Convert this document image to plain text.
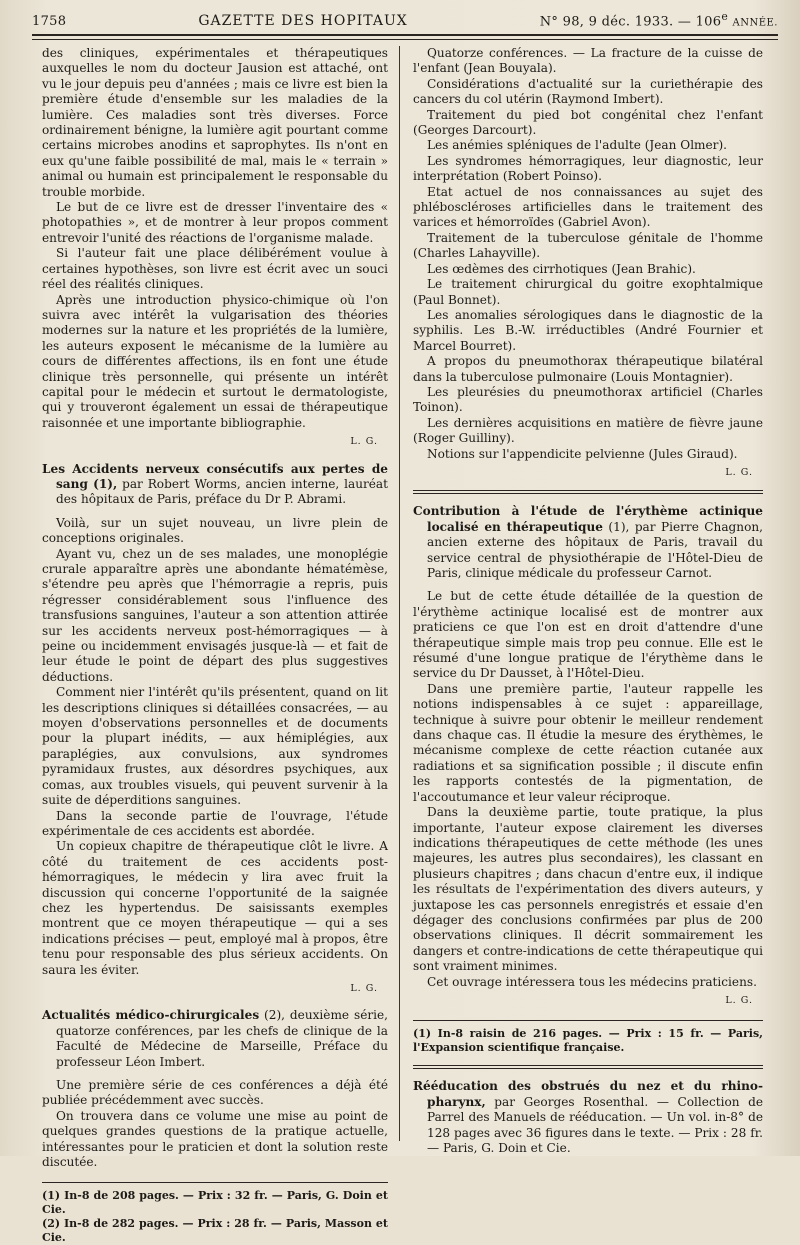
1758	GAZETTE DES HOPITAUX	N° 98, 9 déc. 1933. — 106e ANNÉE.

des cliniques, expérimentales et thérapeutiques auxquelles le nom du docteur Jausion est attaché, ont vu le jour depuis peu d'années ; mais ce livre est bien la première étude d'ensemble sur les maladies de la lumière. Ces maladies sont très diverses. Force ordinairement bénigne, la lumière agit pourtant comme certains microbes anodins et saprophytes. Ils n'ont en eux qu'une faible possibilité de mal, mais le « terrain » animal ou humain est principalement le responsable du trouble morbide.

Le but de ce livre est de dresser l'inventaire des « photopathies », et de montrer à leur propos comment entrevoir l'unité des réactions de l'organisme malade.

Si l'auteur fait une place délibérément voulue à certaines hypothèses, son livre est écrit avec un souci réel des réalités cliniques.

Après une introduction physico-chimique où l'on suivra avec intérêt la vulgarisation des théories modernes sur la nature et les propriétés de la lumière, les auteurs exposent le mécanisme de la lumière au cours de différentes affections, ils en font une étude clinique très personnelle, qui présente un intérêt capital pour le médecin et surtout le dermatologiste, qui y trouveront également un essai de thérapeutique raisonnée et une importante bibliographie.

L. G.

Les Accidents nerveux consécutifs aux pertes de sang (1), par Robert Worms, ancien interne, lauréat des hôpitaux de Paris, préface du Dr P. Abrami.

Voilà, sur un sujet nouveau, un livre plein de conceptions originales.

Ayant vu, chez un de ses malades, une monoplégie crurale apparaître après une abondante hématémèse, s'étendre peu après que l'hémorragie a repris, puis régresser considérablement sous l'influence des transfusions sanguines, l'auteur a son attention attirée sur les accidents nerveux post-hémorragiques — à peine ou incidemment envisagés jusque-là — et fait de leur étude le point de départ des plus suggestives déductions.

Comment nier l'intérêt qu'ils présentent, quand on lit les descriptions cliniques si détaillées consacrées, — au moyen d'observations personnelles et de documents pour la plupart inédits, — aux hémiplégies, aux paraplégies, aux convulsions, aux syndromes pyramidaux frustes, aux désordres psychiques, aux comas, aux troubles visuels, qui peuvent survenir à la suite de déperditions sanguines.

Dans la seconde partie de l'ouvrage, l'étude expérimentale de ces accidents est abordée.

Un copieux chapitre de thérapeutique clôt le livre. A côté du traitement de ces accidents post-hémorragiques, le médecin y lira avec fruit la discussion qui concerne l'opportunité de la saignée chez les hypertendus. De saisissants exemples montrent que ce moyen thérapeutique — qui a ses indications précises — peut, employé mal à propos, être tenu pour responsable des plus sérieux accidents. On saura les éviter.

L. G.

Actualités médico-chirurgicales (2), deuxième série, quatorze conférences, par les chefs de clinique de la Faculté de Médecine de Marseille, Préface du professeur Léon Imbert.

Une première série de ces conférences a déjà été publiée précédemment avec succès.

On trouvera dans ce volume une mise au point de quelques grandes questions de la pratique actuelle, intéressantes pour le praticien et dont la solution reste discutée.

(1) In-8 de 208 pages. — Prix : 32 fr. — Paris, G. Doin et Cie.

(2) In-8 de 282 pages. — Prix : 28 fr. — Paris, Masson et Cie.

Quatorze conférences. — La fracture de la cuisse de l'enfant (Jean Bouyala).

Considérations d'actualité sur la curiethérapie des cancers du col utérin (Raymond Imbert).

Traitement du pied bot congénital chez l'enfant (Georges Darcourt).

Les anémies spléniques de l'adulte (Jean Olmer).

Les syndromes hémorragiques, leur diagnostic, leur interprétation (Robert Poinso).

Etat actuel de nos connaissances au sujet des phléboscléroses artificielles dans le traitement des varices et hémorroïdes (Gabriel Avon).

Traitement de la tuberculose génitale de l'homme (Charles Lahayville).

Les œdèmes des cirrhotiques (Jean Brahic).

Le traitement chirurgical du goitre exophtalmique (Paul Bonnet).

Les anomalies sérologiques dans le diagnostic de la syphilis. Les B.-W. irréductibles (André Fournier et Marcel Bourret).

A propos du pneumothorax thérapeutique bilatéral dans la tuberculose pulmonaire (Louis Montagnier).

Les pleurésies du pneumothorax artificiel (Charles Toinon).

Les dernières acquisitions en matière de fièvre jaune (Roger Guilliny).

Notions sur l'appendicite pelvienne (Jules Giraud).

L. G.

Contribution à l'étude de l'érythème actinique localisé en thérapeutique (1), par Pierre Chagnon, ancien externe des hôpitaux de Paris, travail du service central de physiothérapie de l'Hôtel-Dieu de Paris, clinique médicale du professeur Carnot.

Le but de cette étude détaillée de la question de l'érythème actinique localisé est de montrer aux praticiens ce que l'on est en droit d'attendre d'une thérapeutique simple mais trop peu connue. Elle est le résumé d'une longue pratique de l'érythème dans le service du Dr Dausset, à l'Hôtel-Dieu.

Dans une première partie, l'auteur rappelle les notions indispensables à ce sujet : appareillage, technique à suivre pour obtenir le meilleur rendement dans chaque cas. Il étudie la mesure des érythèmes, le mécanisme complexe de cette réaction cutanée aux radiations et sa signification possible ; il discute enfin les rapports contestés de la pigmentation, de l'accoutumance et leur valeur réciproque.

Dans la deuxième partie, toute pratique, la plus importante, l'auteur expose clairement les diverses indications thérapeutiques de cette méthode (les unes majeures, les autres plus secondaires), les classant en plusieurs chapitres ; dans chacun d'entre eux, il indique les résultats de l'expérimentation des divers auteurs, y juxtapose les cas personnels enregistrés et essaie d'en dégager des conclusions confirmées par plus de 200 observations cliniques. Il décrit sommairement les dangers et contre-indications de cette thérapeutique qui sont vraiment minimes.

Cet ouvrage intéressera tous les médecins praticiens.

L. G.

(1) In-8 raisin de 216 pages. — Prix : 15 fr. — Paris, l'Expansion scientifique française.

Rééducation des obstrués du nez et du rhino-pharynx, par Georges Rosenthal. — Collection de Parrel des Manuels de rééducation. — Un vol. in-8° de 128 pages avec 36 figures dans le texte. — Prix : 28 fr. — Paris, G. Doin et Cie.
